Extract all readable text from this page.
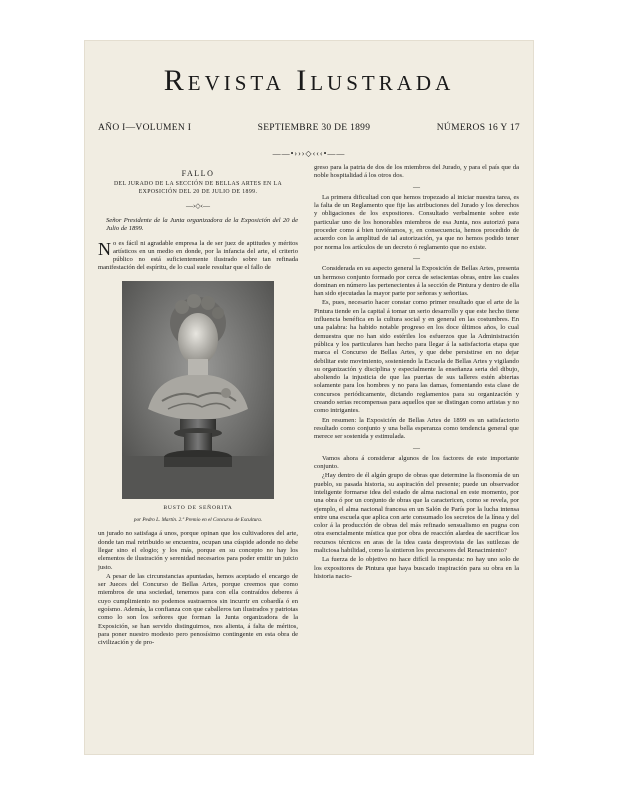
Revista Ilustrada
AÑO I—VOLUMEN I	SEPTIEMBRE 30 DE 1899	NÚMEROS 16 Y 17
——•›››◇‹‹‹•——
FALLO
DEL JURADO DE LA SECCIÓN DE BELLAS ARTES EN LA EXPOSICIÓN DEL 20 DE JULIO DE 1899.
—›◇‹—
Señor Presidente de la Junta organizadora de la Exposición del 20 de Julio de 1899.

No es fácil ni agradable empresa la de ser juez de aptitudes y méritos artísticos en un medio en donde, por la infancia del arte, el criterio público no está suficientemente ilustrado sobre tan refinada manifestación del espíritu, de lo cual suele resultar que el fallo de

BUSTO DE SEÑORITA
por Pedro L. Martín. 2.º Premio en el Concurso de Escultura.

un jurado no satisfaga á unos, porque opinan que los cultivadores del arte, donde tan mal retribuido se encuentra, ocupan una cúspide adonde no debe llegar sino el elogio; y los más, porque en su concepto no hay los elementos de ilustración y serenidad necesarios para poder emitir un juicio justo.

A pesar de las circunstancias apuntadas, hemos aceptado el encargo de ser Jueces del Concurso de Bellas Artes, porque creemos que como miembros de una sociedad, tenemos para con ella contraídos deberes á cuyo cumplimiento no podemos sustraernos sin incurrir en cobardía ó en egoísmo. Además, la confianza con que caballeros tan ilustrados y patriotas como lo son los señores que forman la Junta organizadora de la Exposición, se han servido distinguirnos, nos alienta, á falta de méritos, para poner nuestro modesto pero penosísimo contingente en esta obra de civilización y de pro-

greso para la patria de dos de los miembros del Jurado, y para el país que da noble hospitalidad á los otros dos.

—

La primera dificultad con que hemos tropezado al iniciar nuestra tarea, es la falta de un Reglamento que fije las atribuciones del Jurado y los derechos y obligaciones de los expositores. Consultado verbalmente sobre este particular uno de los honorables miembros de esa Junta, nos autorizó para proceder como á bien tuviéramos, y, en consecuencia, hemos procedido de acuerdo con la amplitud de tal autorización, ya que no hemos podido tener por norma los artículos de un decreto ó reglamento que no existe.

—

Considerada en su aspecto general la Exposición de Bellas Artes, presenta un hermoso conjunto formado por cerca de seiscientas obras, entre las cuales dominan en número las pertenecientes á la sección de Pintura y dentro de ella han sido ejecutadas la mayor parte por señoras y señoritas.

Es, pues, necesario hacer constar como primer resultado que el arte de la Pintura tiende en la capital á tomar un serio desarrollo y que este hecho tiene influencia benéfica en la cultura social y en general en las costumbres. En una palabra: ha habido notable progreso en los doce últimos años, lo cual demuestra que no han sido estériles los esfuerzos que la Administración pública y los particulares han hecho para llegar á la satisfactoria etapa que marca el Concurso de Bellas Artes, y que debe persistirse en no dejar debilitar este movimiento, sosteniendo la Escuela de Bellas Artes y vigilando su organización y disciplina y especialmente la enseñanza seria del dibujo, aboliendo la injusticia de que las puertas de sus talleres estén abiertas solamente para los hombres y no para las damas, fomentando esta clase de concursos periódicamente, dictando reglamentos para su organización y creando serias recompensas para aquellos que se distingan como artistas y no como intrigantes.

En resumen: la Exposición de Bellas Artes de 1899 es un satisfactorio resultado como conjunto y una bella esperanza como tendencia general que merece ser sostenida y estimulada.

—

Vamos ahora á considerar algunos de los factores de este importante conjunto.

¿Hay dentro de él algún grupo de obras que determine la fisonomía de un pueblo, su pasada historia, su aspiración del presente; puede un observador inteligente formarse idea del estado de alma nacional en este momento, por una obra ó por un conjunto de obras que la caractericen, como se revela, por ejemplo, el alma nacional francesa en un Salón de París por la lucha intensa entre una escuela que aplica con arte consumado los secretos de la línea y del color á la producción de obras del más refinado sensualismo en pugna con otra esencialmente mística que por obra de reacción alardea de sacrificar los recursos técnicos en aras de la idea casta desprovista de las sutilezas de maliciosa habilidad, como la sintieron los precursores del Renacimiento?

La fuerza de lo objetivo no hace difícil la respuesta: no hay uno solo de los expositores de Pintura que haya buscado inspiración para su obra en la historia nacio-
